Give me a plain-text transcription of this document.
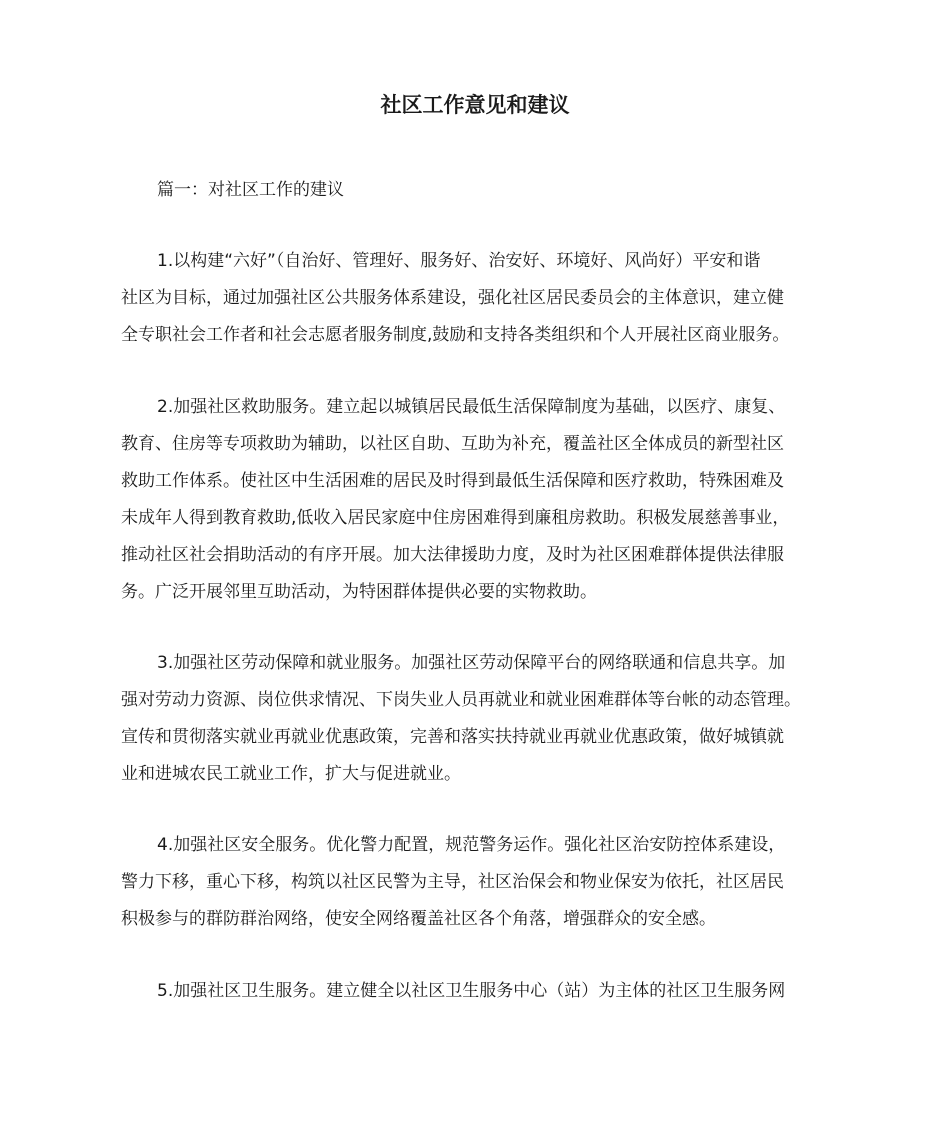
社区工作意见和建议

篇一：对社区工作的建议

1.以构建“六好”（自治好、管理好、服务好、治安好、环境好、风尚好）平安和谐
社区为目标，通过加强社区公共服务体系建设，强化社区居民委员会的主体意识，建立健
全专职社会工作者和社会志愿者服务制度,鼓励和支持各类组织和个人开展社区商业服务。
2.加强社区救助服务。建立起以城镇居民最低生活保障制度为基础，以医疗、康复、
教育、住房等专项救助为辅助，以社区自助、互助为补充，覆盖社区全体成员的新型社区
救助工作体系。使社区中生活困难的居民及时得到最低生活保障和医疗救助，特殊困难及
未成年人得到教育救助,低收入居民家庭中住房困难得到廉租房救助。积极发展慈善事业，
推动社区社会捐助活动的有序开展。加大法律援助力度，及时为社区困难群体提供法律服
务。广泛开展邻里互助活动，为特困群体提供必要的实物救助。
3.加强社区劳动保障和就业服务。加强社区劳动保障平台的网络联通和信息共享。加
强对劳动力资源、岗位供求情况、下岗失业人员再就业和就业困难群体等台帐的动态管理。
宣传和贯彻落实就业再就业优惠政策，完善和落实扶持就业再就业优惠政策，做好城镇就
业和进城农民工就业工作，扩大与促进就业。
4.加强社区安全服务。优化警力配置，规范警务运作。强化社区治安防控体系建设，
警力下移，重心下移，构筑以社区民警为主导，社区治保会和物业保安为依托，社区居民
积极参与的群防群治网络，使安全网络覆盖社区各个角落，增强群众的安全感。
5.加强社区卫生服务。建立健全以社区卫生服务中心（站）为主体的社区卫生服务网
